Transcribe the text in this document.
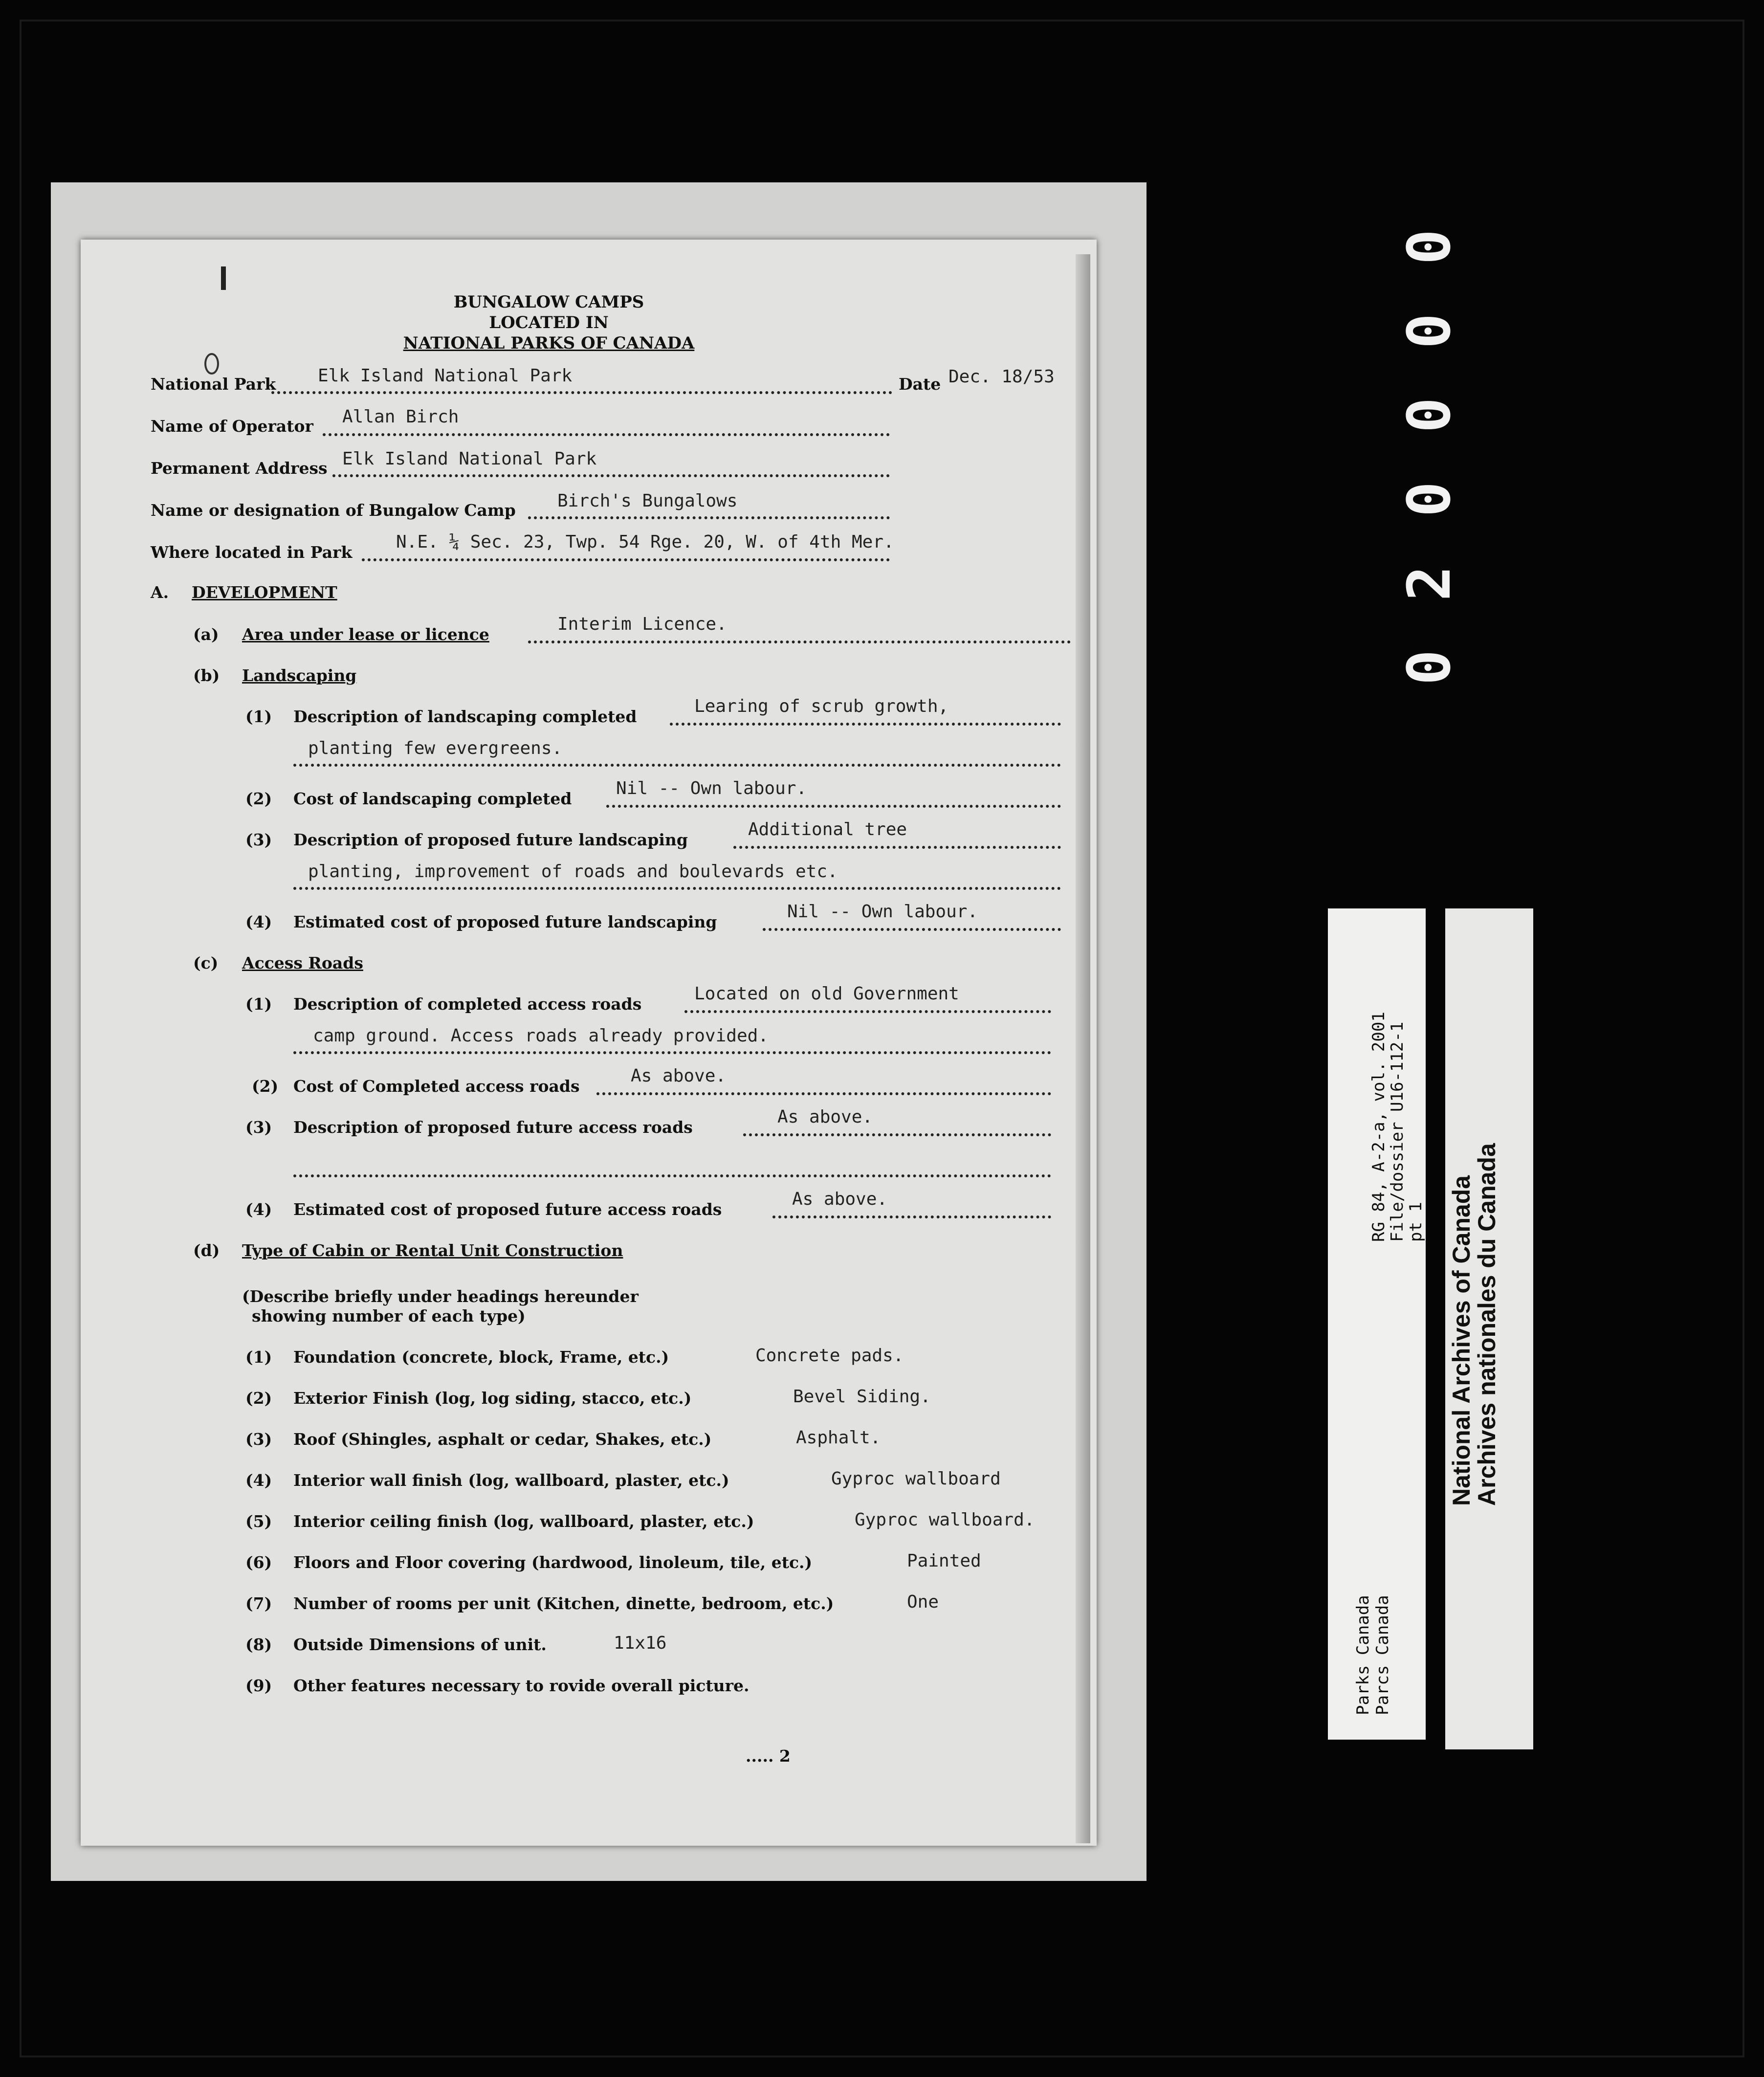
BUNGALOW CAMPS
LOCATED IN
NATIONAL PARKS OF CANADA
National Park Elk Island National Park	Date Dec. 18/53
Name of Operator Allan Birch
Permanent Address Elk Island National Park
Name or designation of Bungalow Camp Birch's Bungalows
Where located in Park
N.E. ¼ Sec. 23, Twp. 54 Rge. 20, W. of 4th Mer.
A. DEVELOPMENT
(a) Area under lease or licence
Interim Licence.
(b) Landscaping
(1) Description of landscaping completed
Learing of scrub growth,
planting few evergreens.
(2) Cost of landscaping completed
Nil -- Own labour.
(3) Description of proposed future landscaping
Additional tree
planting, improvement of roads and boulevards etc.
(4) Estimated cost of proposed future landscaping
Nil -- Own labour.
(c) Access Roads
(1) Description of completed access roads
Located on old Government
camp ground. Access roads already provided.
(2) Cost of Completed access roads
As above.
(3) Description of proposed future access roads
As above.
(4) Estimated cost of proposed future access roads
As above.
(d) Type of Cabin or Rental Unit Construction
(Describe briefly under headings hereunder
showing number of each type)
(1) Foundation (concrete, block, Frame, etc.)	Concrete pads.
(2) Exterior Finish (log, log siding, stacco, etc.)	Bevel Siding.
(3) Roof (Shingles, asphalt or cedar, Shakes, etc.)	Asphalt.
(4) Interior wall finish (log, wallboard, plaster, etc.)	Gyproc wallboard
(5) Interior ceiling finish (log, wallboard, plaster, etc.)	Gyproc wallboard.
(6) Floors and Floor covering (hardwood, linoleum, tile, etc.)	Painted
(7) Number of rooms per unit (Kitchen, dinette, bedroom, etc.)	One
(8) Outside Dimensions of unit.	11x16
(9) Other features necessary to rovide overall picture.
..... 2
0
0
0
0
2
0
Parks Canada Parcs Canada
RG 84, A-2-a, vol. 2001
File/dossier U16-112-1
pt 1 National Archives of Canada
Archives nationales du Canada
